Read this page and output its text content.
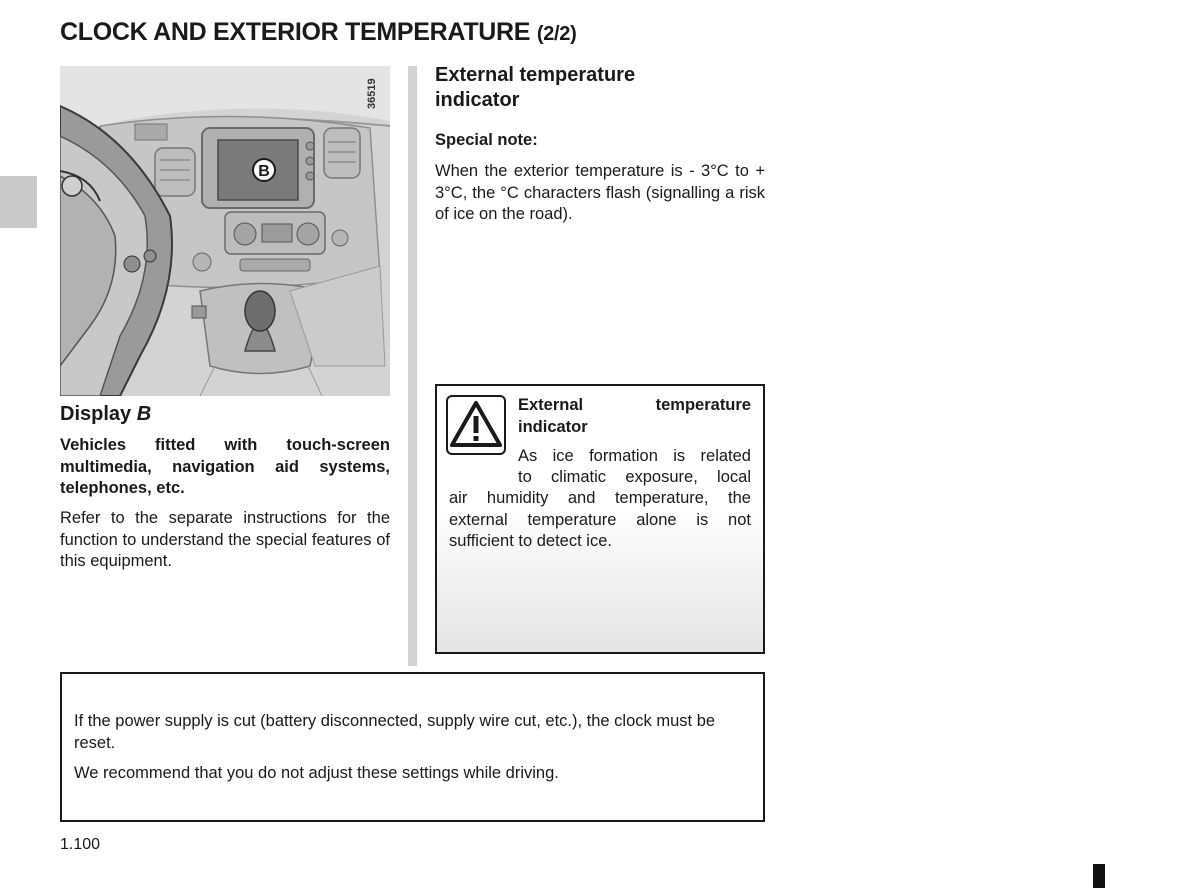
CLOCK AND EXTERIOR TEMPERATURE (2/2)
B
36519
Display B
Vehicles fitted with touch-screen multimedia, navigation aid systems, telephones, etc.
Refer to the separate instructions for the function to understand the special features of this equipment.
External temperature
indicator
Special note:
When the exterior temperature is - 3°C to + 3°C, the °C characters flash (signalling a risk of ice on the road).
External temperature indicator
As ice formation is related
to climatic exposure, local
air humidity and temperature, the external temperature alone is not sufficient to detect ice.
If the power supply is cut (battery disconnected, supply wire cut, etc.), the clock must be reset.
We recommend that you do not adjust these settings while driving.
1.100
